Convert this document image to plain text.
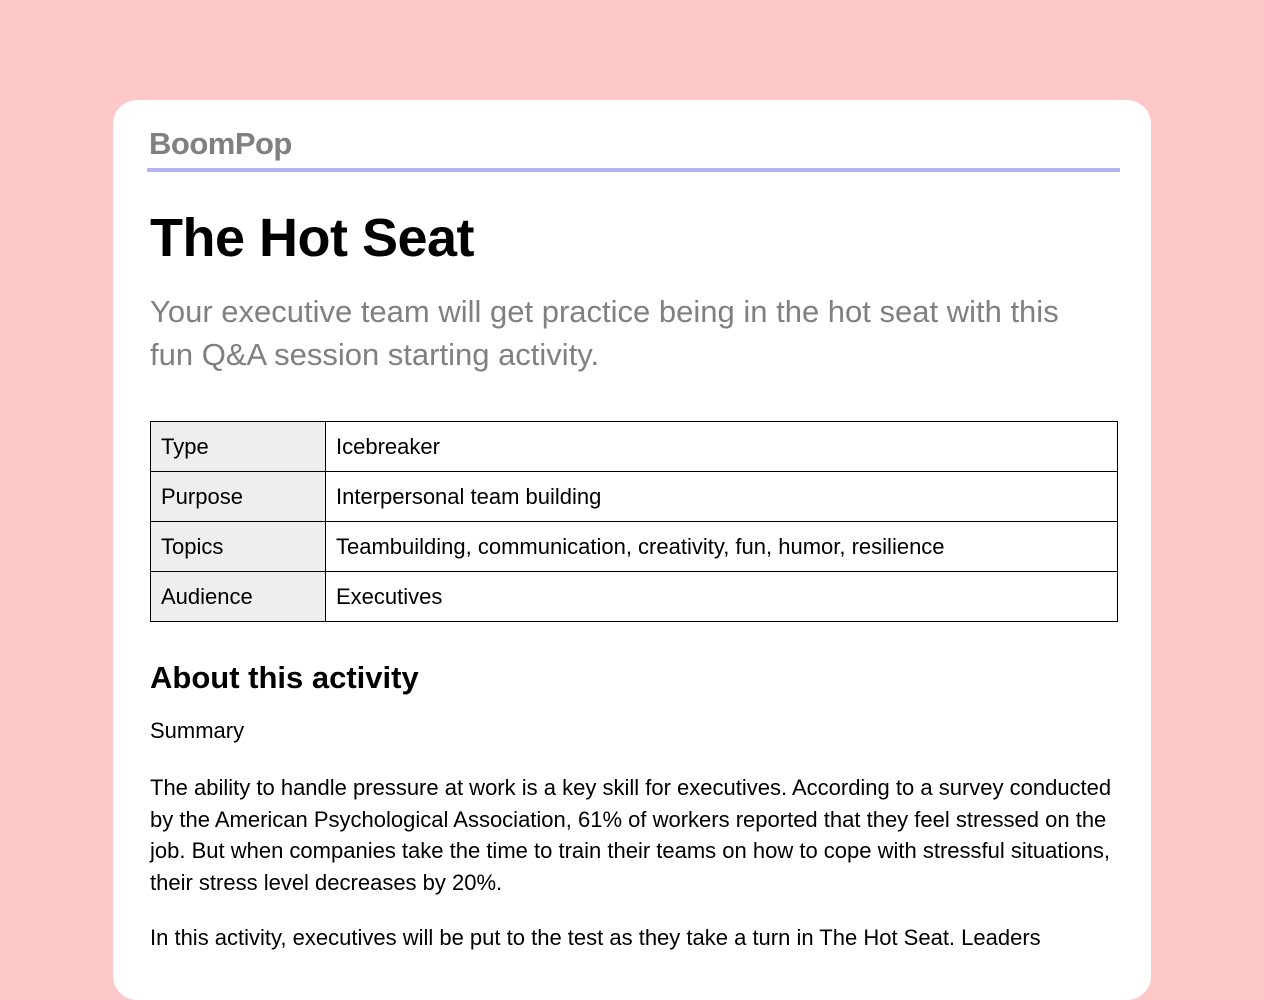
BoomPop
The Hot Seat

Your executive team will get practice being in the hot seat with this fun Q&A session starting activity.

Type	Icebreaker
Purpose	Interpersonal team building
Topics	Teambuilding, communication, creativity, fun, humor, resilience
Audience	Executives
About this activity

Summary

The ability to handle pressure at work is a key skill for executives. According to a survey conducted by the American Psychological Association, 61% of workers reported that they feel stressed on the job. But when companies take the time to train their teams on how to cope with stressful situations, their stress level decreases by 20%.

In this activity, executives will be put to the test as they take a turn in The Hot Seat. Leaders
